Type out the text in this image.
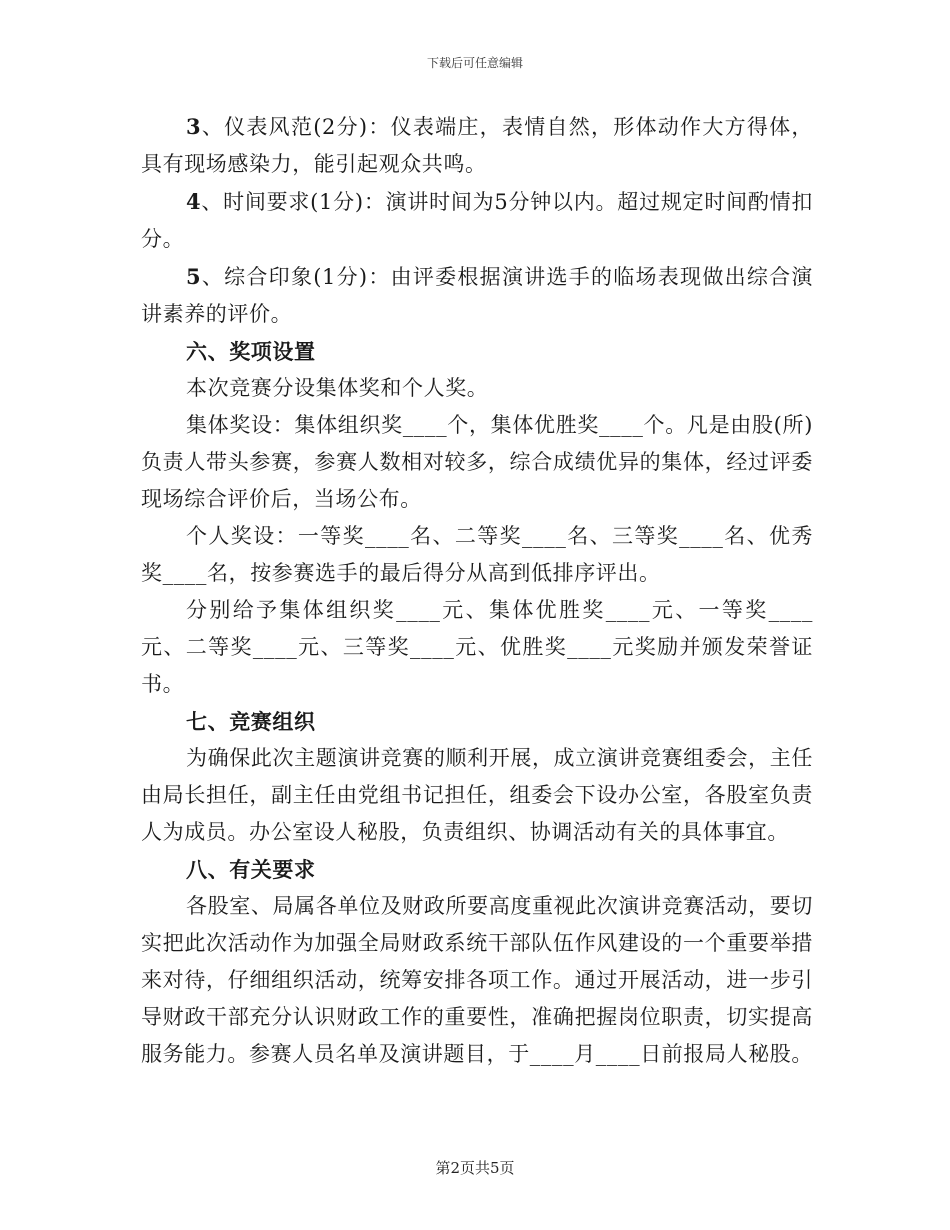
下载后可任意编辑

3、仪表风范(2分)：仪表端庄，表情自然，形体动作大方得体，具有现场感染力，能引起观众共鸣。

4、时间要求(1分)：演讲时间为5分钟以内。超过规定时间酌情扣分。

5、综合印象(1分)：由评委根据演讲选手的临场表现做出综合演讲素养的评价。

六、奖项设置

本次竞赛分设集体奖和个人奖。

集体奖设：集体组织奖____个，集体优胜奖____个。凡是由股(所)负责人带头参赛，参赛人数相对较多，综合成绩优异的集体，经过评委现场综合评价后，当场公布。

个人奖设：一等奖____名、二等奖____名、三等奖____名、优秀奖____名，按参赛选手的最后得分从高到低排序评出。

分别给予集体组织奖____元、集体优胜奖____元、一等奖____元、二等奖____元、三等奖____元、优胜奖____元奖励并颁发荣誉证书。

七、竞赛组织

为确保此次主题演讲竞赛的顺利开展，成立演讲竞赛组委会，主任由局长担任，副主任由党组书记担任，组委会下设办公室，各股室负责人为成员。办公室设人秘股，负责组织、协调活动有关的具体事宜。

八、有关要求

各股室、局属各单位及财政所要高度重视此次演讲竞赛活动，要切实把此次活动作为加强全局财政系统干部队伍作风建设的一个重要举措来对待，仔细组织活动，统筹安排各项工作。通过开展活动，进一步引导财政干部充分认识财政工作的重要性，准确把握岗位职责，切实提高服务能力。参赛人员名单及演讲题目，于____月____日前报局人秘股。

第2页共5页
